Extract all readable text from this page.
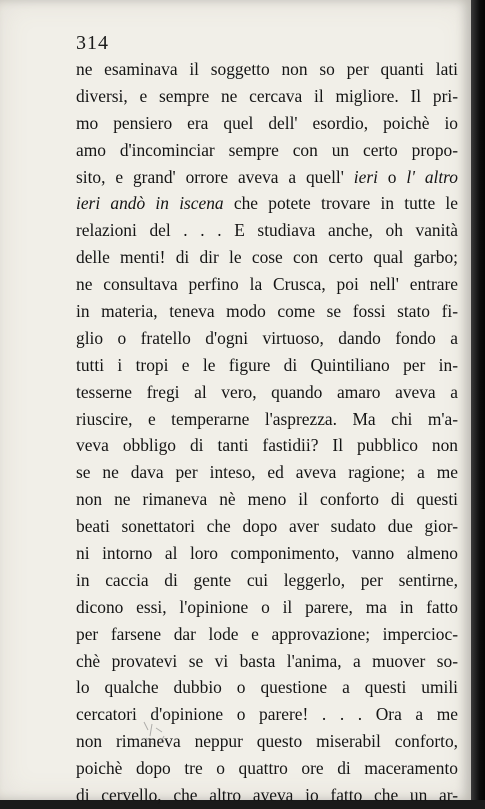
314
ne esaminava il soggetto non so per quanti lati
diversi, e sempre ne cercava il migliore. Il pri-
mo pensiero era quel dell' esordio, poichè io
amo d'incominciar sempre con un certo propo-
sito, e grand' orrore aveva a quell' ieri o l' altro
ieri andò in iscena che potete trovare in tutte le
relazioni del . . . E studiava anche, oh vanità
delle menti! di dir le cose con certo qual garbo;
ne consultava perfino la Crusca, poi nell' entrare
in materia, teneva modo come se fossi stato fi-
glio o fratello d'ogni virtuoso, dando fondo a
tutti i tropi e le figure di Quintiliano per in-
tesserne fregi al vero, quando amaro aveva a
riuscire, e temperarne l'asprezza. Ma chi m'a-
veva obbligo di tanti fastidii? Il pubblico non
se ne dava per inteso, ed aveva ragione; a me
non ne rimaneva nè meno il conforto di questi
beati sonettatori che dopo aver sudato due gior-
ni intorno al loro componimento, vanno almeno
in caccia di gente cui leggerlo, per sentirne,
dicono essi, l'opinione o il parere, ma in fatto
per farsene dar lode e approvazione; impercioc-
chè provatevi se vi basta l'anima, a muover so-
lo qualche dubbio o questione a questi umili
cercatori d'opinione o parere! . . . Ora a me
non rimaneva neppur questo miserabil conforto,
poichè dopo tre o quattro ore di maceramento
di cervello, che altro aveva io fatto che un ar-
